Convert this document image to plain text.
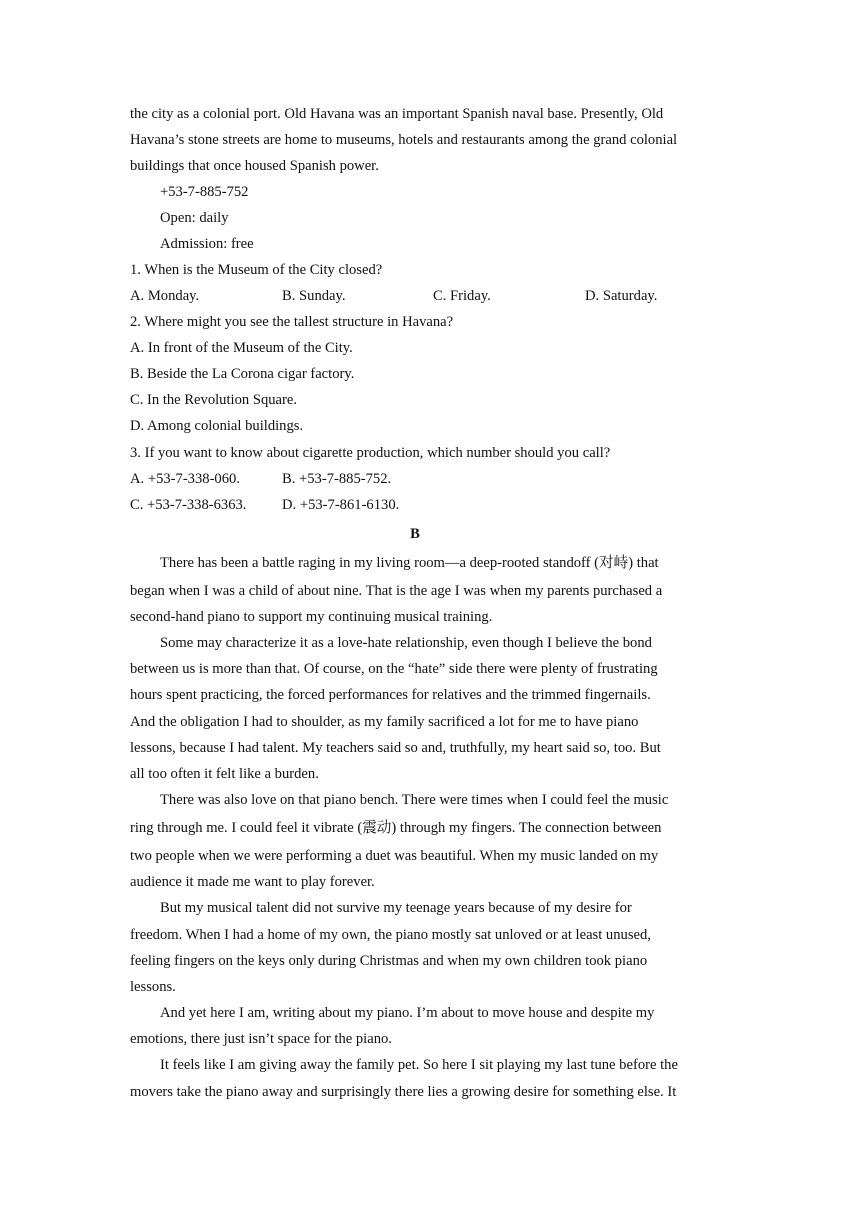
the city as a colonial port. Old Havana was an important Spanish naval base. Presently, Old
Havana’s stone streets are home to museums, hotels and restaurants among the grand colonial
buildings that once housed Spanish power.
+53-7-885-752
Open: daily
Admission: free
1. When is the Museum of the City closed?
A. Monday.	B. Sunday.	C. Friday.	D. Saturday.
2. Where might you see the tallest structure in Havana?
A. In front of the Museum of the City.
B. Beside the La Corona cigar factory.
C. In the Revolution Square.
D. Among colonial buildings.
3. If you want to know about cigarette production, which number should you call?
A. +53-7-338-060.	B. +53-7-885-752.
C. +53-7-338-6363. D. +53-7-861-6130.
B
There has been a battle raging in my living room—a deep-rooted standoff (对峙) that
began when I was a child of about nine. That is the age I was when my parents purchased a
second-hand piano to support my continuing musical training.
Some may characterize it as a love-hate relationship, even though I believe the bond
between us is more than that. Of course, on the “hate” side there were plenty of frustrating
hours spent practicing, the forced performances for relatives and the trimmed fingernails.
And the obligation I had to shoulder, as my family sacrificed a lot for me to have piano
lessons, because I had talent. My teachers said so and, truthfully, my heart said so, too. But
all too often it felt like a burden.
There was also love on that piano bench. There were times when I could feel the music
ring through me. I could feel it vibrate (震动) through my fingers. The connection between
two people when we were performing a duet was beautiful. When my music landed on my
audience it made me want to play forever.
But my musical talent did not survive my teenage years because of my desire for
freedom. When I had a home of my own, the piano mostly sat unloved or at least unused,
feeling fingers on the keys only during Christmas and when my own children took piano
lessons.
And yet here I am, writing about my piano. I’m about to move house and despite my
emotions, there just isn’t space for the piano.
It feels like I am giving away the family pet. So here I sit playing my last tune before the
movers take the piano away and surprisingly there lies a growing desire for something else. It
